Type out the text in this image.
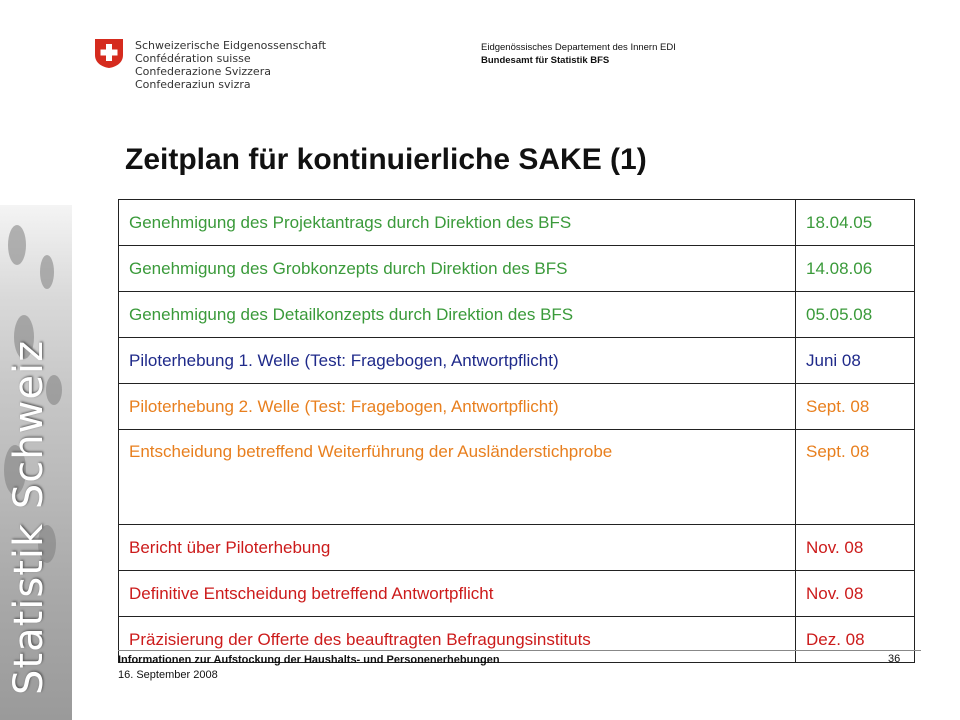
Statistik Schweiz
Schweizerische Eidgenossenschaft
Confédération suisse
Confederazione Svizzera
Confederaziun svizra
Eidgenössisches Departement des Innern EDI
Bundesamt für Statistik BFS
Zeitplan für kontinuierliche SAKE (1)
Genehmigung des Projektantrags durch Direktion des BFS	18.04.05
Genehmigung des Grobkonzepts durch Direktion des BFS	14.08.06
Genehmigung des Detailkonzepts durch Direktion des BFS	05.05.08
Piloterhebung 1. Welle (Test: Fragebogen, Antwortpflicht)	Juni 08
Piloterhebung 2. Welle (Test: Fragebogen, Antwortpflicht)	Sept. 08
Entscheidung betreffend Weiterführung der Ausländerstichprobe	Sept. 08
Bericht über Piloterhebung	Nov. 08
Definitive Entscheidung betreffend Antwortpflicht	Nov. 08
Präzisierung der Offerte des beauftragten Befragungsinstituts	Dez. 08
Informationen zur Aufstockung der Haushalts- und Personenerhebungen
16. September 2008
36
